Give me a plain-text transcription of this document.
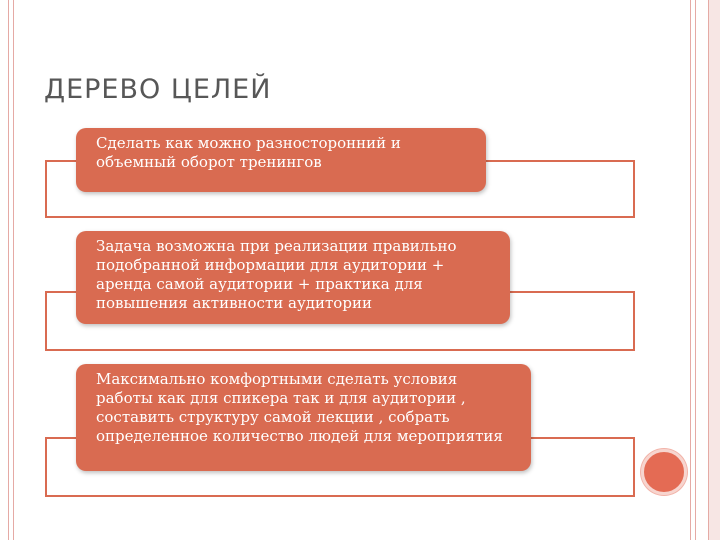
ДЕРЕВО ЦЕЛЕЙ
Сделать как можно разносторонний и объемный оборот тренингов
Задача возможна при реализации правильно подобранной информации для аудитории + аренда самой аудитории + практика для повышения активности аудитории
Максимально комфортными сделать условия работы как для спикера так и для аудитории , составить структуру самой лекции , собрать определенное количество людей для мероприятия
